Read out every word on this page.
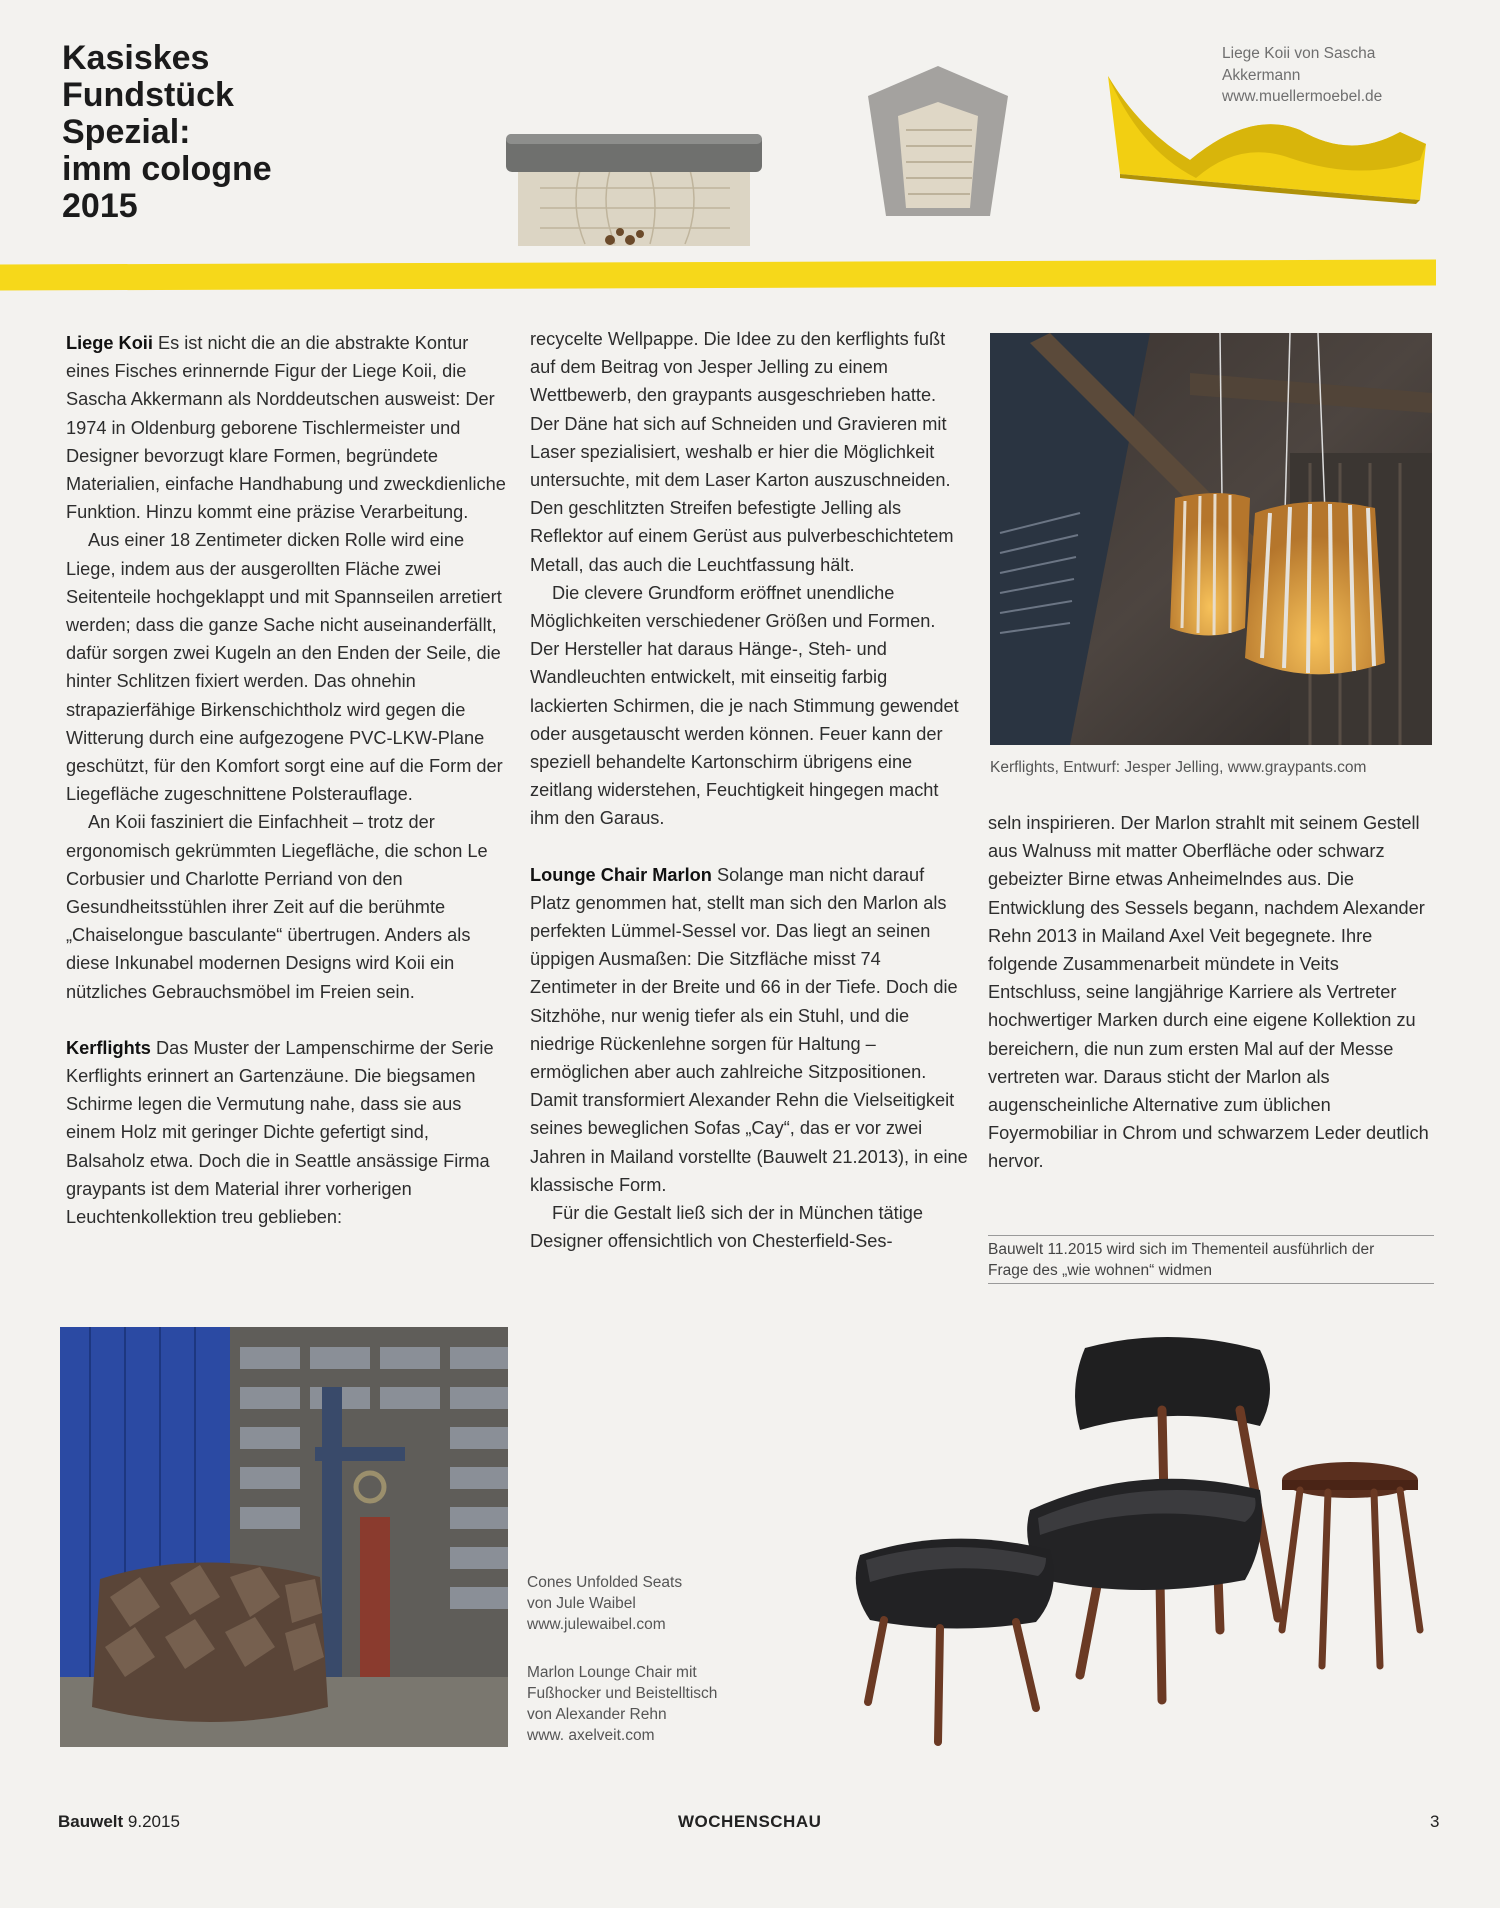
Kasiskes
Fundstück
Spezial:
imm cologne
2015
Liege Koii von Sascha
Akkermann
www.muellermoebel.de

Liege Koii Es ist nicht die an die abstrakte Kontur eines Fisches erinnernde Figur der Liege Koii, die Sascha Akkermann als Norddeutschen ausweist: Der 1974 in Oldenburg geborene Tischlermeister und Designer bevorzugt klare Formen, begründete Materialien, einfache Handhabung und zweckdienliche Funktion. Hinzu kommt eine präzise Verarbeitung.

Aus einer 18 Zentimeter dicken Rolle wird eine Liege, indem aus der ausgerollten Fläche zwei Seitenteile hochgeklappt und mit Spannseilen arretiert werden; dass die ganze Sache nicht auseinanderfällt, dafür sorgen zwei Kugeln an den Enden der Seile, die hinter Schlitzen fixiert werden. Das ohnehin strapazierfähige Birkenschichtholz wird gegen die Witterung durch eine aufgezogene PVC-LKW-Plane geschützt, für den Komfort sorgt eine auf die Form der Liegefläche zugeschnittene Polsterauflage.

An Koii fasziniert die Einfachheit – trotz der ergonomisch gekrümmten Liegefläche, die schon Le Corbusier und Charlotte Perriand von den Gesundheitsstühlen ihrer Zeit auf die berühmte „Chaiselongue basculante“ übertrugen. Anders als diese Inkunabel modernen Designs wird Koii ein nützliches Gebrauchsmöbel im Freien sein.

Kerflights Das Muster der Lampenschirme der Serie Kerflights erinnert an Gartenzäune. Die biegsamen Schirme legen die Vermutung nahe, dass sie aus einem Holz mit geringer Dichte gefertigt sind, Balsaholz etwa. Doch die in Seattle ansässige Firma graypants ist dem Material ihrer vorherigen Leuchtenkollektion treu geblieben:

recycelte Wellpappe. Die Idee zu den kerflights fußt auf dem Beitrag von Jesper Jelling zu einem Wettbewerb, den graypants ausgeschrieben hatte. Der Däne hat sich auf Schneiden und Gravieren mit Laser spezialisiert, weshalb er hier die Möglichkeit untersuchte, mit dem Laser Karton auszuschneiden. Den geschlitzten Streifen befestigte Jelling als Reflektor auf einem Gerüst aus pulverbeschichtetem Metall, das auch die Leuchtfassung hält.

Die clevere Grundform eröffnet unendliche Möglichkeiten verschiedener Größen und Formen. Der Hersteller hat daraus Hänge-, Steh- und Wandleuchten entwickelt, mit einseitig farbig lackierten Schirmen, die je nach Stimmung gewendet oder ausgetauscht werden können. Feuer kann der speziell behandelte Kartonschirm übrigens eine zeitlang widerstehen, Feuchtigkeit hingegen macht ihm den Garaus.

Lounge Chair Marlon Solange man nicht darauf Platz genommen hat, stellt man sich den Marlon als perfekten Lümmel-Sessel vor. Das liegt an seinen üppigen Ausmaßen: Die Sitzfläche misst 74 Zentimeter in der Breite und 66 in der Tiefe. Doch die Sitzhöhe, nur wenig tiefer als ein Stuhl, und die niedrige Rückenlehne sorgen für Haltung – ermöglichen aber auch zahlreiche Sitzpositionen. Damit transformiert Alexander Rehn die Vielseitigkeit seines beweglichen Sofas „Cay“, das er vor zwei Jahren in Mailand vorstellte (Bauwelt 21.2013), in eine klassische Form.

Für die Gestalt ließ sich der in München tätige Designer offensichtlich von Chesterfield-Ses-

Kerflights, Entwurf: Jesper Jelling, www.graypants.com

seln inspirieren. Der Marlon strahlt mit seinem Gestell aus Walnuss mit matter Oberfläche oder schwarz gebeizter Birne etwas Anheimelndes aus. Die Entwicklung des Sessels begann, nachdem Alexander Rehn 2013 in Mailand Axel Veit begegnete. Ihre folgende Zusammenarbeit mündete in Veits Entschluss, seine langjährige Karriere als Vertreter hochwertiger Marken durch eine eigene Kollektion zu bereichern, die nun zum ersten Mal auf der Messe vertreten war. Daraus sticht der Marlon als augenscheinliche Alternative zum üblichen Foyermobiliar in Chrom und schwarzem Leder deutlich hervor.

Bauwelt 11.2015 wird sich im Thementeil ausführlich der
Frage des „wie wohnen“ widmen
Cones Unfolded Seats
von Jule Waibel
www.julewaibel.com
Marlon Lounge Chair mit
Fußhocker und Beistelltisch
von Alexander Rehn
www. axelveit.com
Bauwelt 9.2015	WOCHENSCHAU	3
